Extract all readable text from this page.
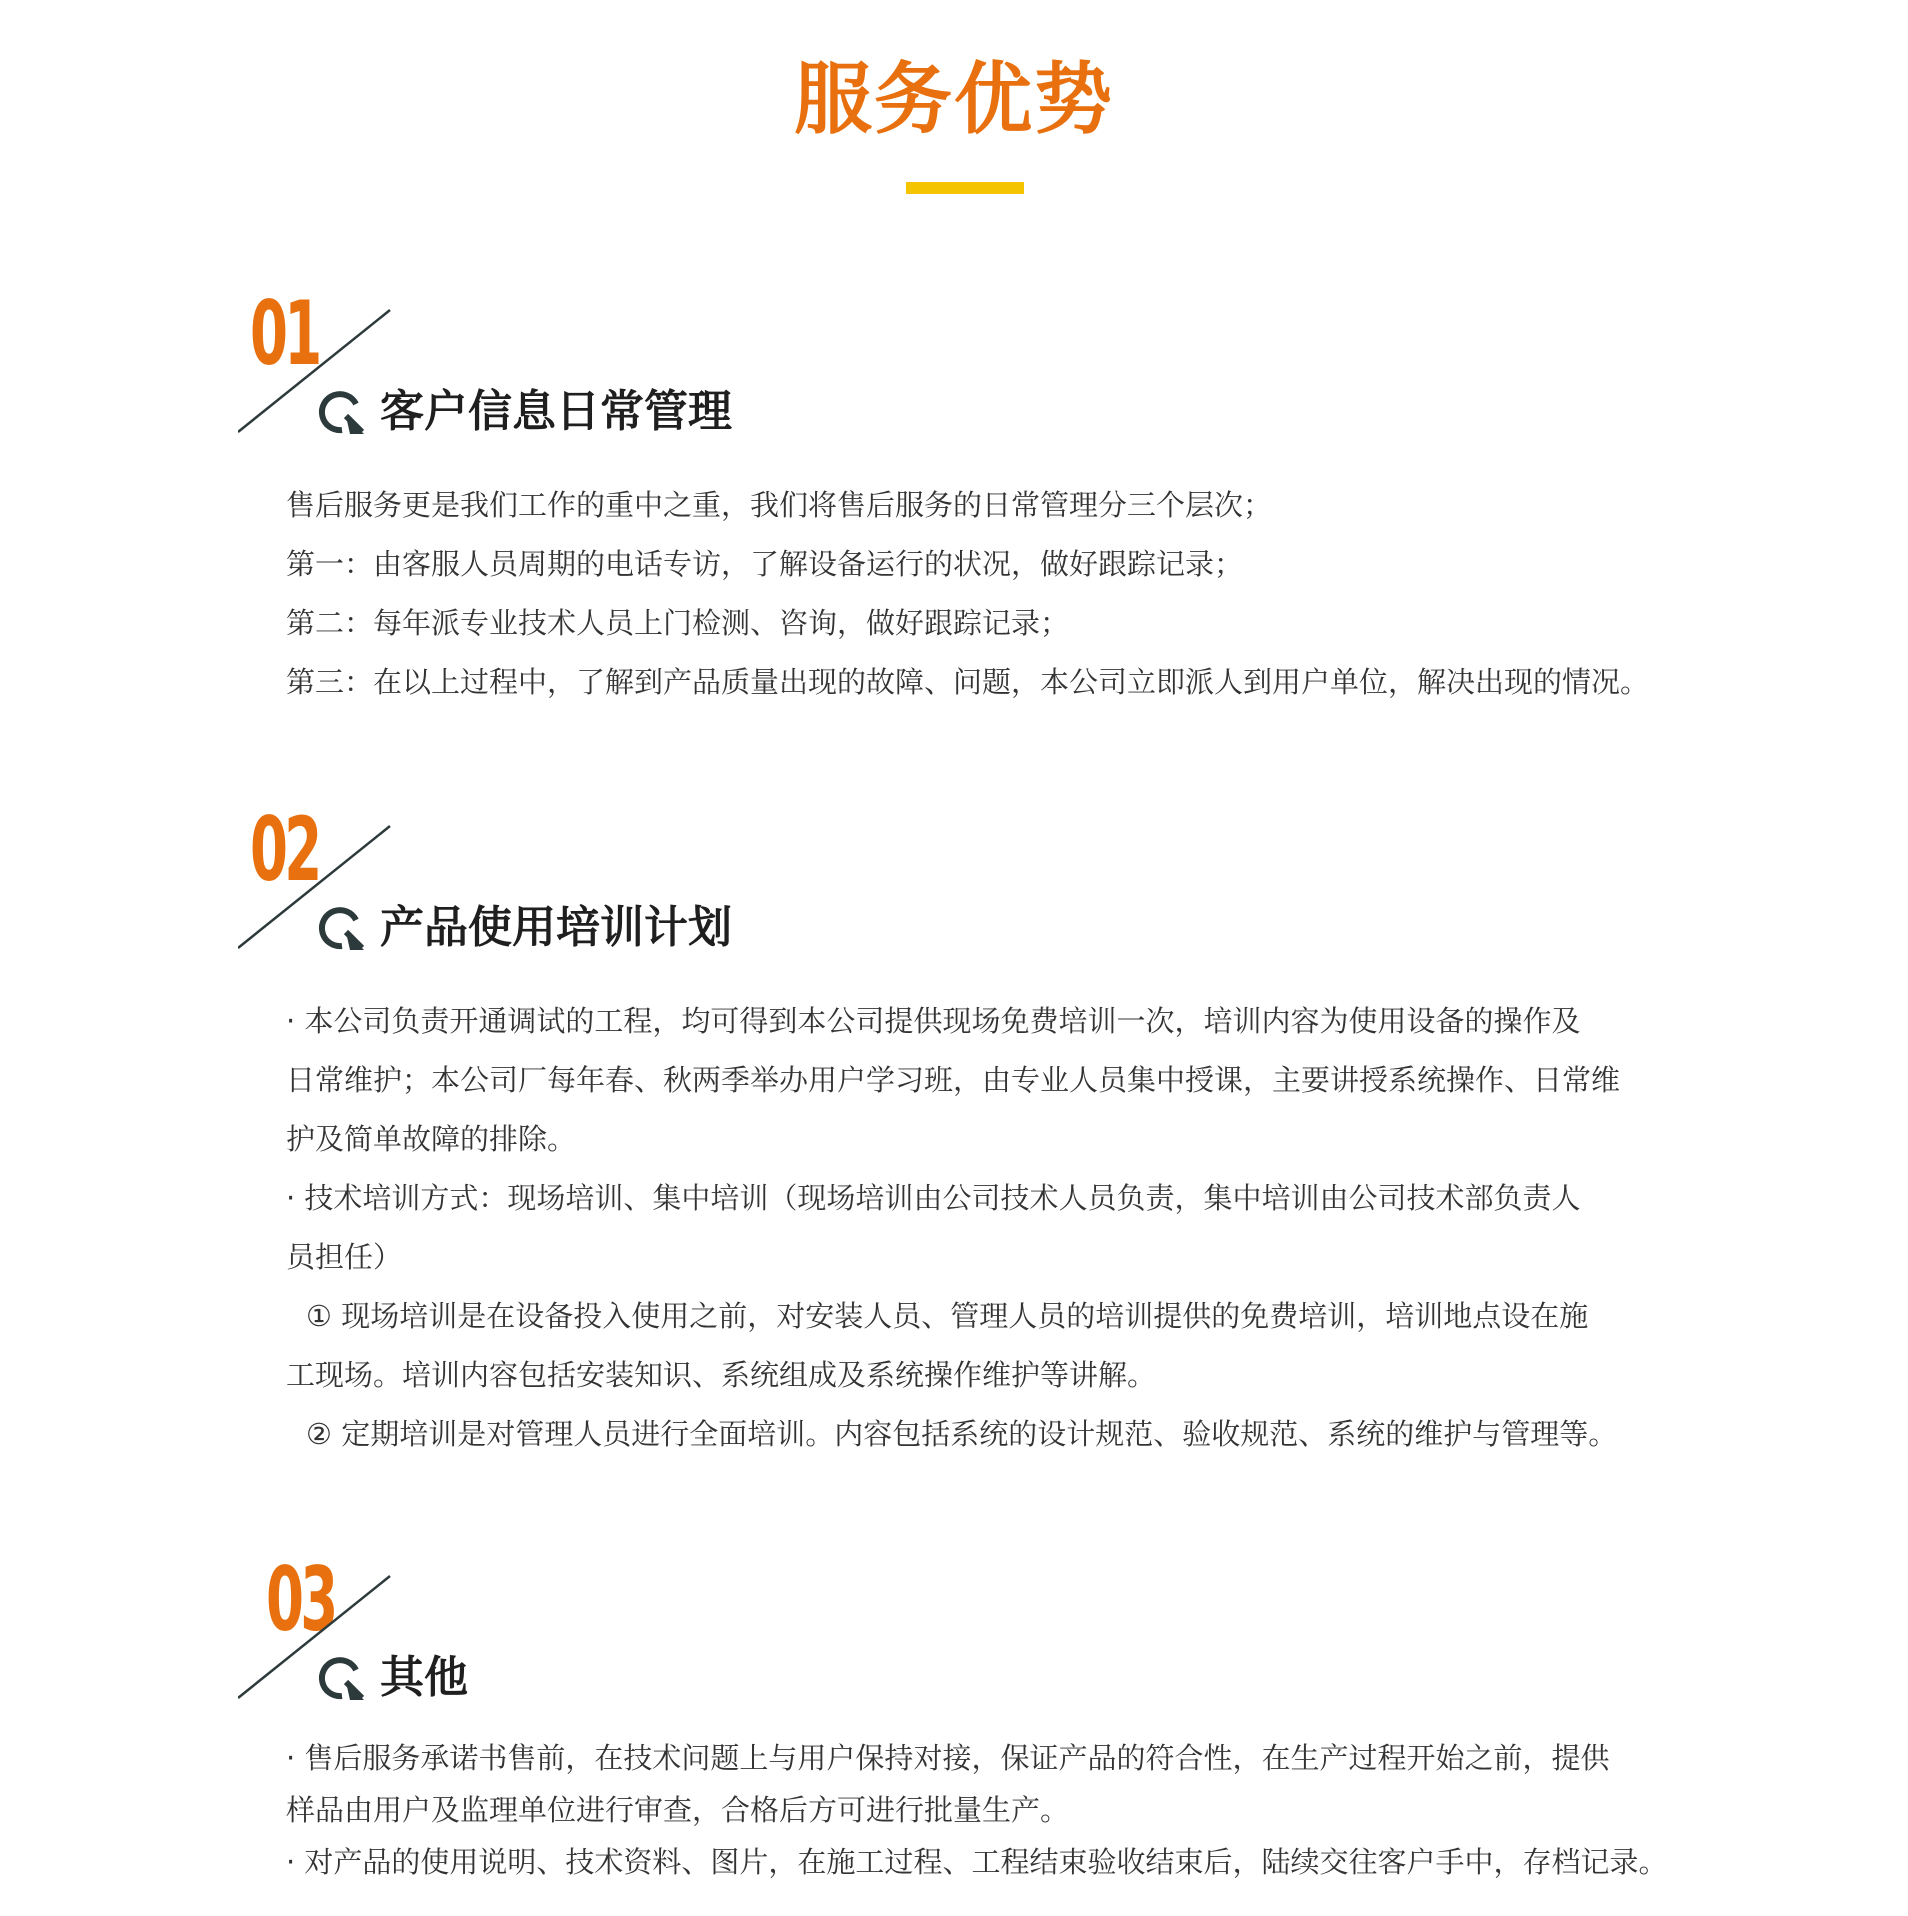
服务优势
01
客户信息日常管理

售后服务更是我们工作的重中之重，我们将售后服务的日常管理分三个层次；

第一：由客服人员周期的电话专访，了解设备运行的状况，做好跟踪记录；

第二：每年派专业技术人员上门检测、咨询，做好跟踪记录；

第三：在以上过程中，了解到产品质量出现的故障、问题，本公司立即派人到用户单位，解决出现的情况。

02
产品使用培训计划

· 本公司负责开通调试的工程，均可得到本公司提供现场免费培训一次，培训内容为使用设备的操作及

日常维护；本公司厂每年春、秋两季举办用户学习班，由专业人员集中授课，主要讲授系统操作、日常维

护及简单故障的排除。

· 技术培训方式：现场培训、集中培训（现场培训由公司技术人员负责，集中培训由公司技术部负责人

员担任）

① 现场培训是在设备投入使用之前，对安装人员、管理人员的培训提供的免费培训，培训地点设在施

工现场。培训内容包括安装知识、系统组成及系统操作维护等讲解。

② 定期培训是对管理人员进行全面培训。内容包括系统的设计规范、验收规范、系统的维护与管理等。

03
其他

· 售后服务承诺书售前，在技术问题上与用户保持对接，保证产品的符合性，在生产过程开始之前，提供

样品由用户及监理单位进行审查，合格后方可进行批量生产。

· 对产品的使用说明、技术资料、图片，在施工过程、工程结束验收结束后，陆续交往客户手中，存档记录。
